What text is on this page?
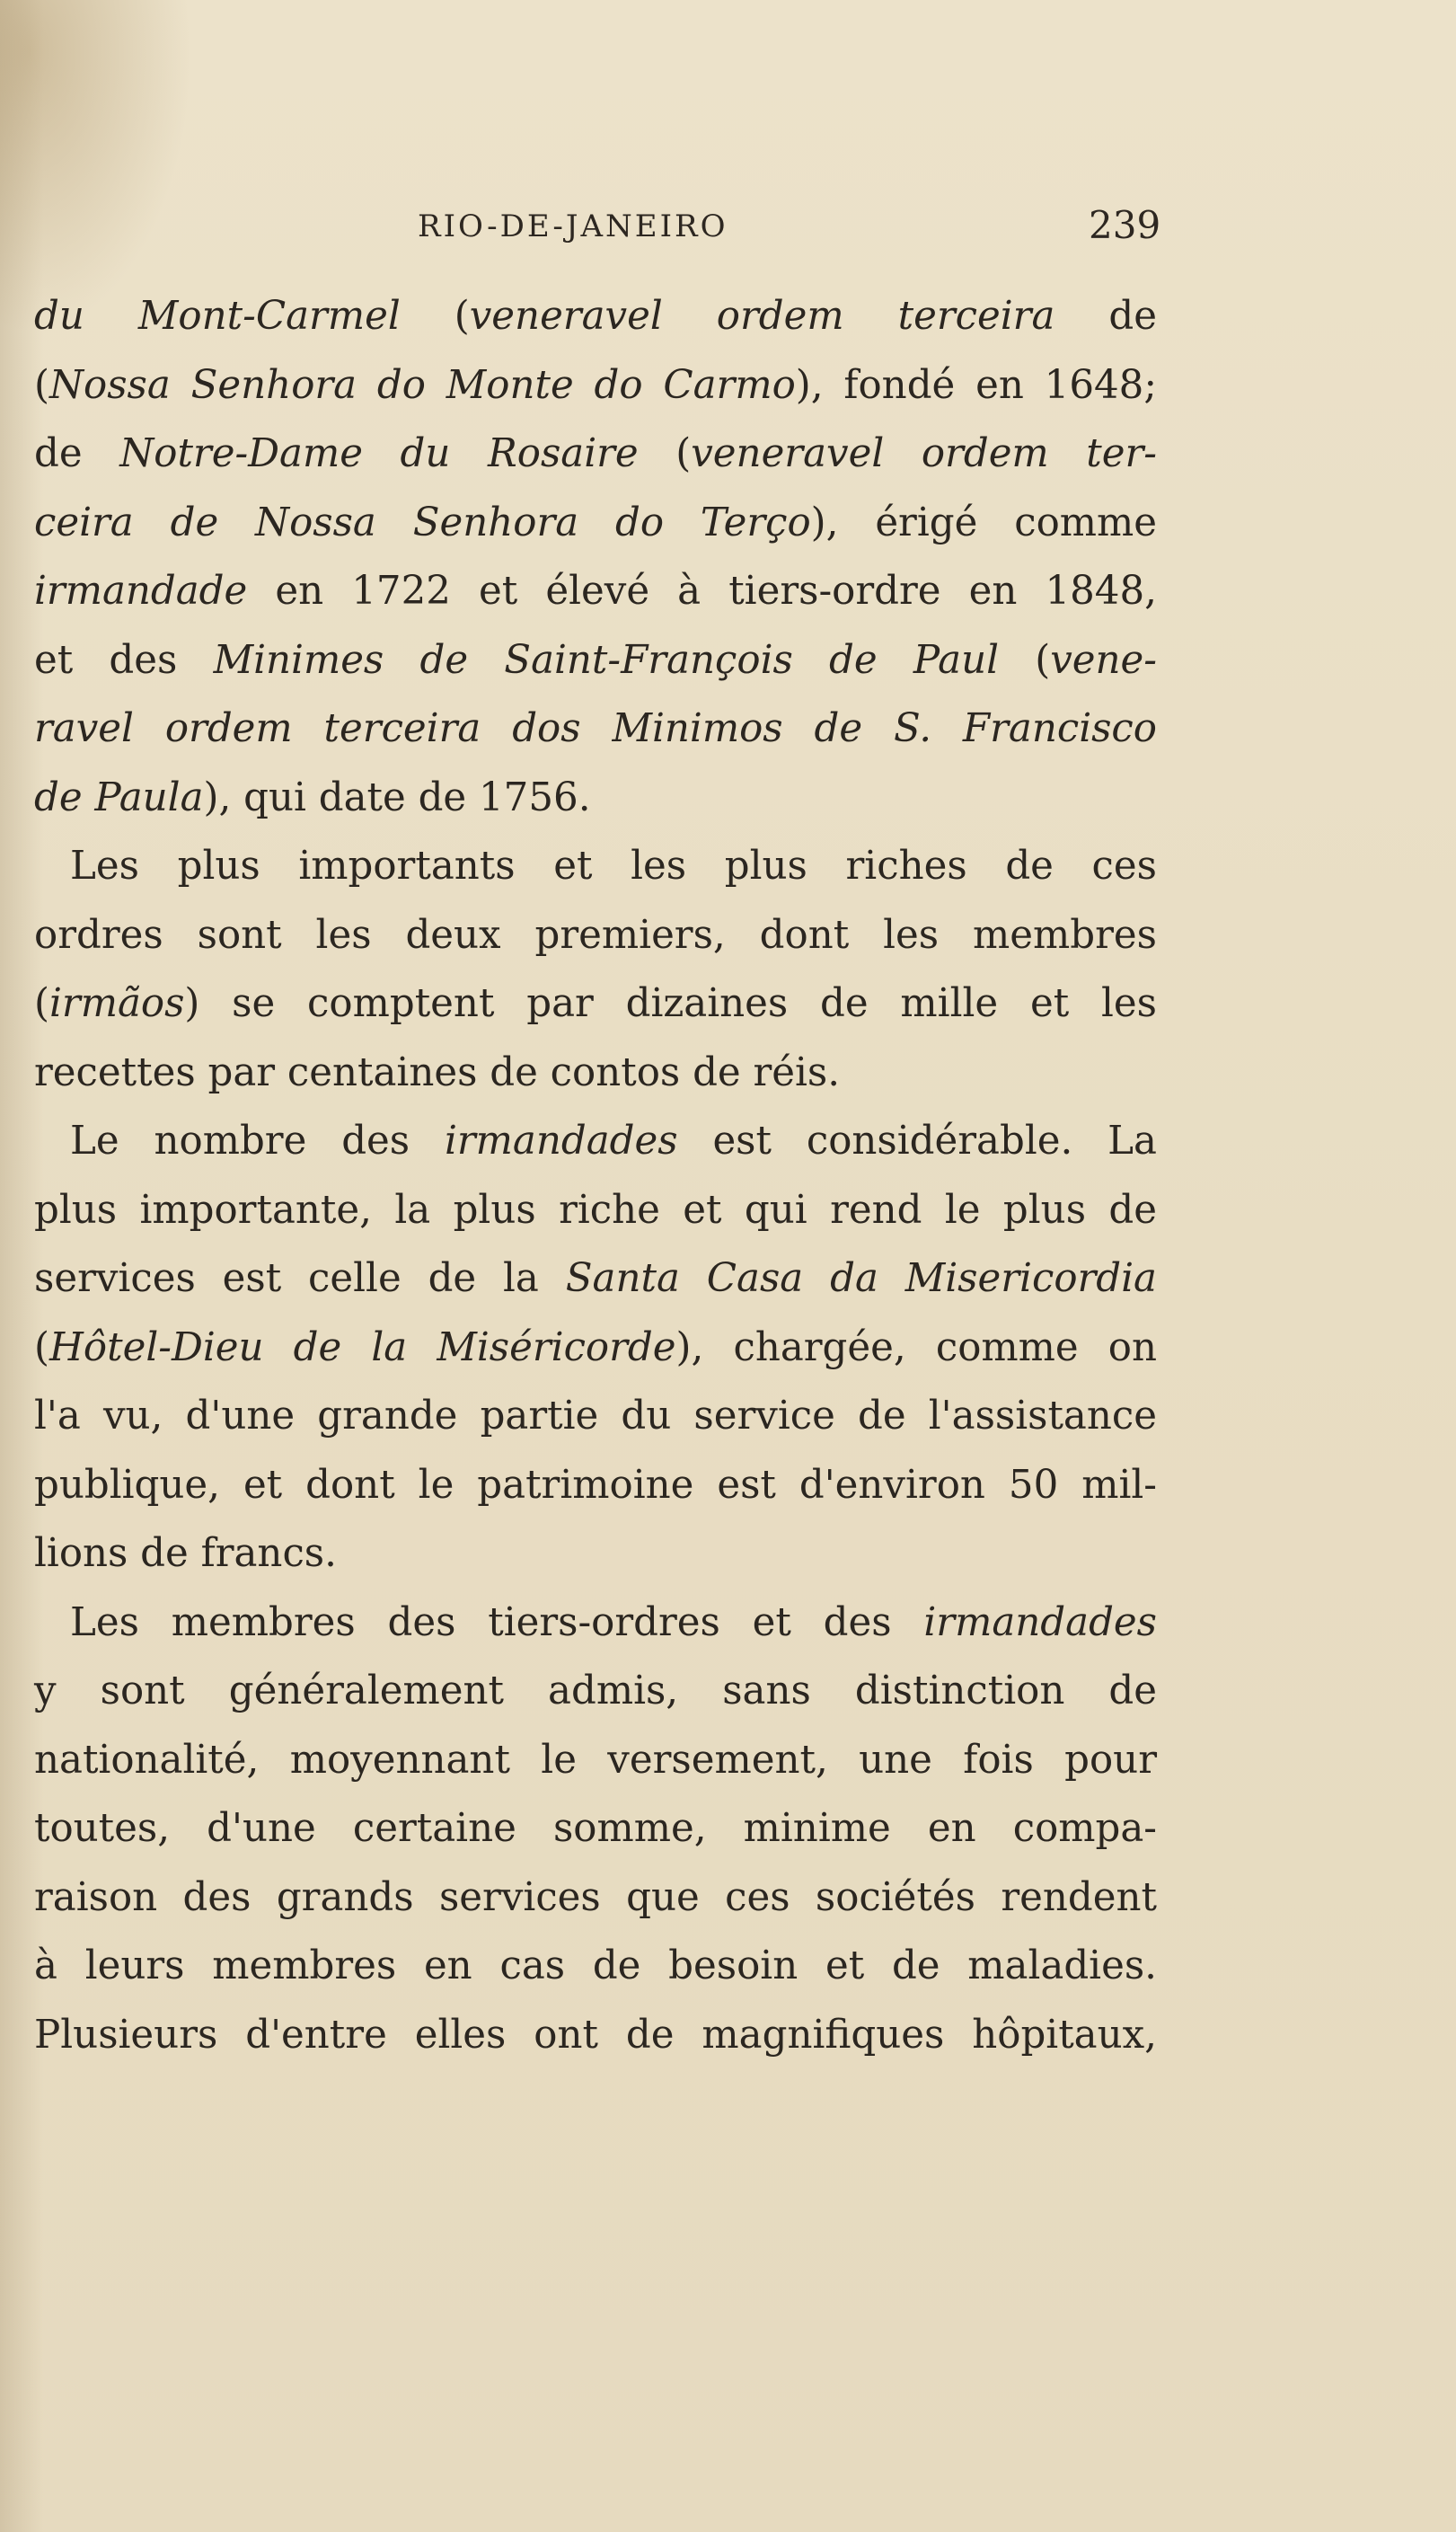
RIO-DE-JANEIRO	239
du Mont-Carmel (veneravel ordem terceira de
(Nossa Senhora do Monte do Carmo), fondé en 1648;
de Notre-Dame du Rosaire (veneravel ordem ter-
ceira de Nossa Senhora do Terço), érigé comme
irmandade en 1722 et élevé à tiers-ordre en 1848,
et des Minimes de Saint-François de Paul (vene-
ravel ordem terceira dos Minimos de S. Francisco
de Paula), qui date de 1756.
Les plus importants et les plus riches de ces
ordres sont les deux premiers, dont les membres
(irmãos) se comptent par dizaines de mille et les
recettes par centaines de contos de réis.
Le nombre des irmandades est considérable. La
plus importante, la plus riche et qui rend le plus de
services est celle de la Santa Casa da Misericordia
(Hôtel-Dieu de la Miséricorde), chargée, comme on
l'a vu, d'une grande partie du service de l'assistance
publique, et dont le patrimoine est d'environ 50 mil-
lions de francs.
Les membres des tiers-ordres et des irmandades
y sont généralement admis, sans distinction de
nationalité, moyennant le versement, une fois pour
toutes, d'une certaine somme, minime en compa-
raison des grands services que ces sociétés rendent
à leurs membres en cas de besoin et de maladies.
Plusieurs d'entre elles ont de magnifiques hôpitaux,
